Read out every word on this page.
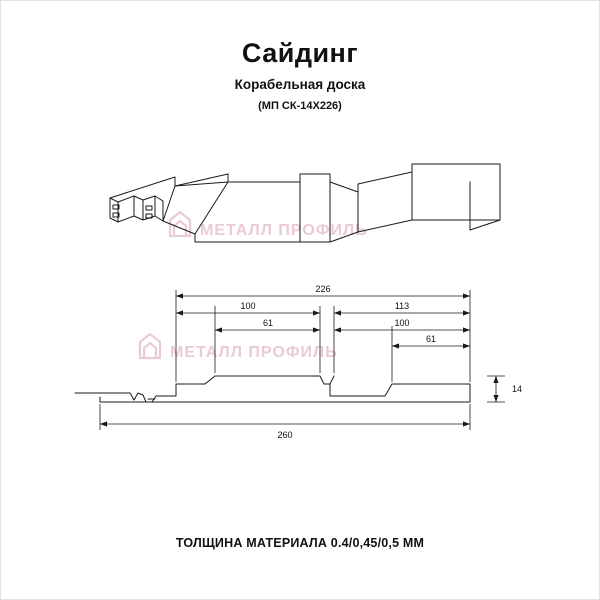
Сайдинг
Корабельная доска
(МП СК-14Х226)
МЕТАЛЛ ПРОФИЛЬ
МЕТАЛЛ ПРОФИЛЬ
226
100	113
61	100
61
14
260
ТОЛЩИНА МАТЕРИАЛА 0.4/0,45/0,5 ММ
